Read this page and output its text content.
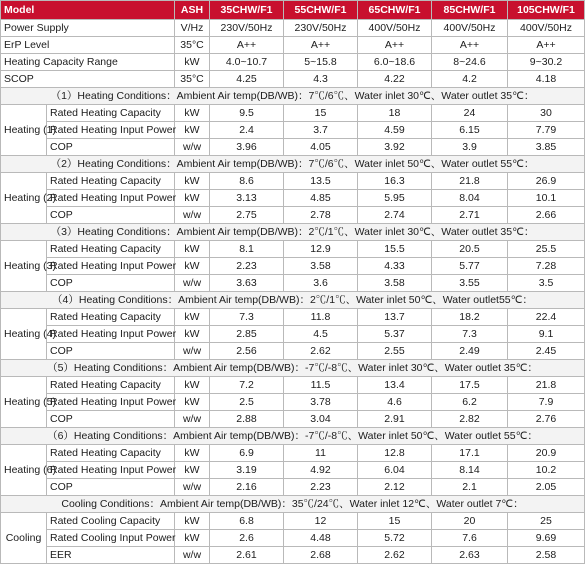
Model		ASH	35CHW/F1	55CHW/F1	65CHW/F1	85CHW/F1	105CHW/F1
Power Supply		V/Hz	230V/50Hz	230V/50Hz	400V/50Hz	400V/50Hz	400V/50Hz
ErP Level		35°C	A++	A++	A++	A++	A++
Heating Capacity Range		kW	4.0~10.7	5~15.8	6.0~18.6	8~24.6	9~30.2
SCOP		35°C	4.25	4.3	4.22	4.2	4.18
（1）Heating Conditions：Ambient Air temp(DB/WB)：7℃/6℃、Water inlet 30℃、Water outlet 35℃：							
Heating (1)	Rated Heating Capacity	kW	9.5	15	18	24	30
	Rated Heating Input Power	kW	2.4	3.7	4.59	6.15	7.79
	COP	w/w	3.96	4.05	3.92	3.9	3.85
（2）Heating Conditions：Ambient Air temp(DB/WB)：7℃/6℃、Water inlet 50℃、Water outlet 55℃：							
Heating (2)	Rated Heating Capacity	kW	8.6	13.5	16.3	21.8	26.9
	Rated Heating Input Power	kW	3.13	4.85	5.95	8.04	10.1
	COP	w/w	2.75	2.78	2.74	2.71	2.66
（3）Heating Conditions：Ambient Air temp(DB/WB)：2℃/1℃、Water inlet 30℃、Water outlet 35℃：							
Heating (3)	Rated Heating Capacity	kW	8.1	12.9	15.5	20.5	25.5
	Rated Heating Input Power	kW	2.23	3.58	4.33	5.77	7.28
	COP	w/w	3.63	3.6	3.58	3.55	3.5
（4）Heating Conditions：Ambient Air temp(DB/WB)：2℃/1℃、Water inlet 50℃、Water outlet55℃：							
Heating (4)	Rated Heating Capacity	kW	7.3	11.8	13.7	18.2	22.4
	Rated Heating Input Power	kW	2.85	4.5	5.37	7.3	9.1
	COP	w/w	2.56	2.62	2.55	2.49	2.45
（5）Heating Conditions：Ambient Air temp(DB/WB)：-7℃/-8℃、Water inlet 30℃、Water outlet 35℃：							
Heating (5)	Rated Heating Capacity	kW	7.2	11.5	13.4	17.5	21.8
	Rated Heating Input Power	kW	2.5	3.78	4.6	6.2	7.9
	COP	w/w	2.88	3.04	2.91	2.82	2.76
（6）Heating Conditions：Ambient Air temp(DB/WB)：-7℃/-8℃、Water inlet 50℃、Water outlet 55℃：							
Heating (6)	Rated Heating Capacity	kW	6.9	11	12.8	17.1	20.9
	Rated Heating Input Power	kW	3.19	4.92	6.04	8.14	10.2
	COP	w/w	2.16	2.23	2.12	2.1	2.05
Cooling Conditions：Ambient Air temp(DB/WB)：35℃/24℃、Water inlet 12℃、Water outlet 7℃：							
Cooling	Rated Cooling Capacity	kW	6.8	12	15	20	25
	Rated Cooling Input Power	kW	2.6	4.48	5.72	7.6	9.69
	EER	w/w	2.61	2.68	2.62	2.63	2.58
